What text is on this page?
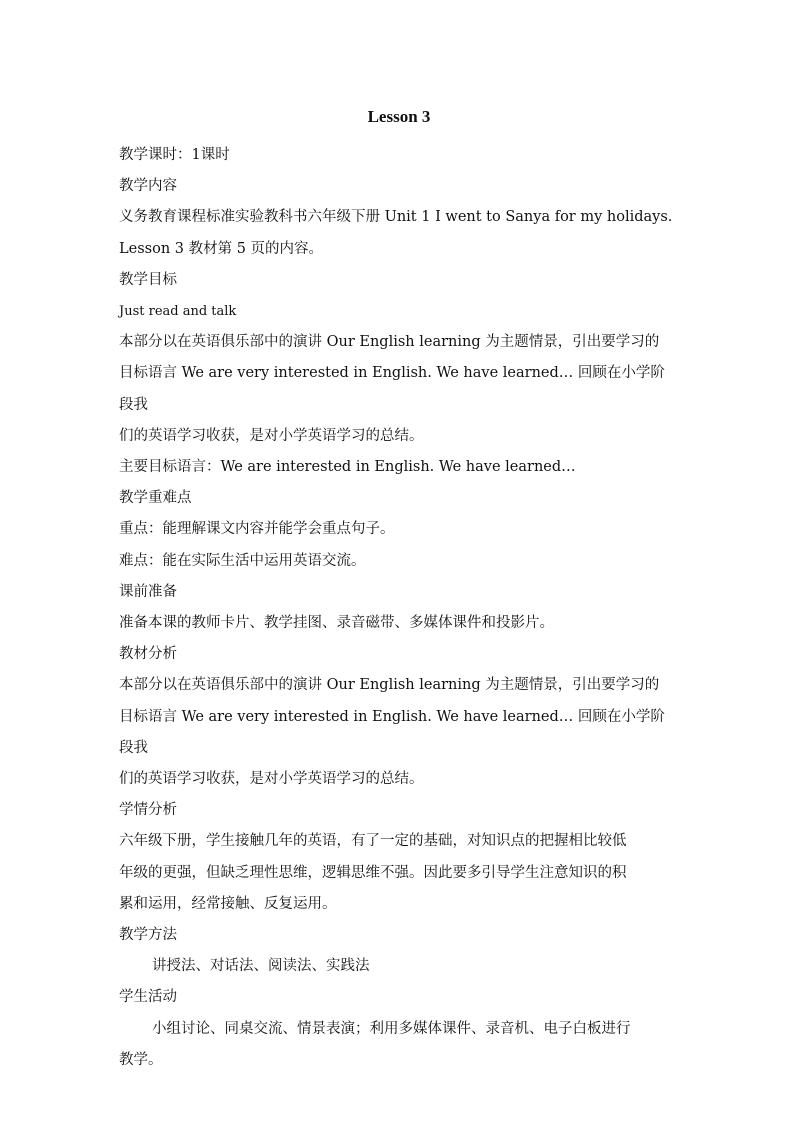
Lesson 3

教学课时：1课时

教学内容

义务教育课程标准实验教科书六年级下册 Unit 1 I went to Sanya for my holidays.

Lesson 3 教材第 5 页的内容。

教学目标

Just read and talk

本部分以在英语俱乐部中的演讲 Our English learning 为主题情景，引出要学习的

目标语言 We are very interested in English. We have learned… 回顾在小学阶段我

们的英语学习收获，是对小学英语学习的总结。

主要目标语言：We are interested in English. We have learned…

教学重难点

重点：能理解课文内容并能学会重点句子。

难点：能在实际生活中运用英语交流。

课前准备

准备本课的教师卡片、教学挂图、录音磁带、多媒体课件和投影片。

教材分析

本部分以在英语俱乐部中的演讲 Our English learning 为主题情景，引出要学习的

目标语言 We are very interested in English. We have learned… 回顾在小学阶段我

们的英语学习收获，是对小学英语学习的总结。

学情分析

六年级下册，学生接触几年的英语，有了一定的基础，对知识点的把握相比较低

年级的更强，但缺乏理性思维，逻辑思维不强。因此要多引导学生注意知识的积

累和运用，经常接触、反复运用。

教学方法

讲授法、对话法、阅读法、实践法

学生活动

小组讨论、同桌交流、情景表演；利用多媒体课件、录音机、电子白板进行

教学。
